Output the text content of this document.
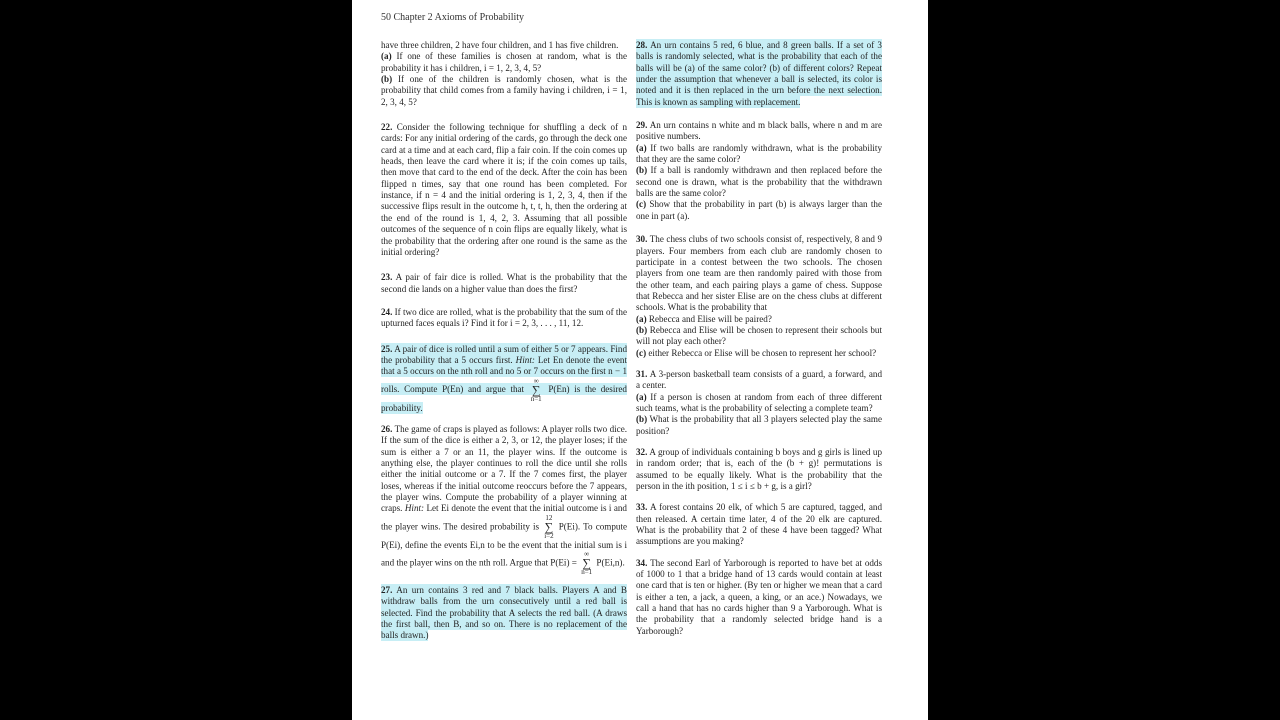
50 Chapter 2 Axioms of Probability

have three children, 2 have four children, and 1 has five children.

(a) If one of these families is chosen at random, what is the probability it has i children, i = 1, 2, 3, 4, 5?

(b) If one of the children is randomly chosen, what is the probability that child comes from a family having i children, i = 1, 2, 3, 4, 5?

22. Consider the following technique for shuffling a deck of n cards: For any initial ordering of the cards, go through the deck one card at a time and at each card, flip a fair coin. If the coin comes up heads, then leave the card where it is; if the coin comes up tails, then move that card to the end of the deck. After the coin has been flipped n times, say that one round has been completed. For instance, if n = 4 and the initial ordering is 1, 2, 3, 4, then if the successive flips result in the outcome h, t, t, h, then the ordering at the end of the round is 1, 4, 2, 3. Assuming that all possible outcomes of the sequence of n coin flips are equally likely, what is the probability that the ordering after one round is the same as the initial ordering?

23. A pair of fair dice is rolled. What is the probability that the second die lands on a higher value than does the first?

24. If two dice are rolled, what is the probability that the sum of the upturned faces equals i? Find it for i = 2, 3, . . . , 11, 12.

25. A pair of dice is rolled until a sum of either 5 or 7 appears. Find the probability that a 5 occurs first. Hint: Let En denote the event that a 5 occurs on the nth roll and no 5 or 7 occurs on the first n − 1 rolls. Compute P(En) and argue that ∞
∑
n=1 P(En) is the desired probability.

26. The game of craps is played as follows: A player rolls two dice. If the sum of the dice is either a 2, 3, or 12, the player loses; if the sum is either a 7 or an 11, the player wins. If the outcome is anything else, the player continues to roll the dice until she rolls either the initial outcome or a 7. If the 7 comes first, the player loses, whereas if the initial outcome reoccurs before the 7 appears, the player wins. Compute the probability of a player winning at craps. Hint: Let Ei denote the event that the initial outcome is i and the player wins. The desired probability is 12
∑
i=2 P(Ei). To compute P(Ei), define the events Ei,n to be the event that the initial sum is i and the player wins on the nth roll. Argue that P(Ei) = ∞
∑
n=1 P(Ei,n).

27. An urn contains 3 red and 7 black balls. Players A and B withdraw balls from the urn consecutively until a red ball is selected. Find the probability that A selects the red ball. (A draws the first ball, then B, and so on. There is no replacement of the balls drawn.)

28. An urn contains 5 red, 6 blue, and 8 green balls. If a set of 3 balls is randomly selected, what is the probability that each of the balls will be (a) of the same color? (b) of different colors? Repeat under the assumption that whenever a ball is selected, its color is noted and it is then replaced in the urn before the next selection. This is known as sampling with replacement.

29. An urn contains n white and m black balls, where n and m are positive numbers.

(a) If two balls are randomly withdrawn, what is the probability that they are the same color?

(b) If a ball is randomly withdrawn and then replaced before the second one is drawn, what is the probability that the withdrawn balls are the same color?

(c) Show that the probability in part (b) is always larger than the one in part (a).

30. The chess clubs of two schools consist of, respectively, 8 and 9 players. Four members from each club are randomly chosen to participate in a contest between the two schools. The chosen players from one team are then randomly paired with those from the other team, and each pairing plays a game of chess. Suppose that Rebecca and her sister Elise are on the chess clubs at different schools. What is the probability that

(a) Rebecca and Elise will be paired?

(b) Rebecca and Elise will be chosen to represent their schools but will not play each other?

(c) either Rebecca or Elise will be chosen to represent her school?

31. A 3-person basketball team consists of a guard, a forward, and a center.

(a) If a person is chosen at random from each of three different such teams, what is the probability of selecting a complete team?

(b) What is the probability that all 3 players selected play the same position?

32. A group of individuals containing b boys and g girls is lined up in random order; that is, each of the (b + g)! permutations is assumed to be equally likely. What is the probability that the person in the ith position, 1 ≤ i ≤ b + g, is a girl?

33. A forest contains 20 elk, of which 5 are captured, tagged, and then released. A certain time later, 4 of the 20 elk are captured. What is the probability that 2 of these 4 have been tagged? What assumptions are you making?

34. The second Earl of Yarborough is reported to have bet at odds of 1000 to 1 that a bridge hand of 13 cards would contain at least one card that is ten or higher. (By ten or higher we mean that a card is either a ten, a jack, a queen, a king, or an ace.) Nowadays, we call a hand that has no cards higher than 9 a Yarborough. What is the probability that a randomly selected bridge hand is a Yarborough?
